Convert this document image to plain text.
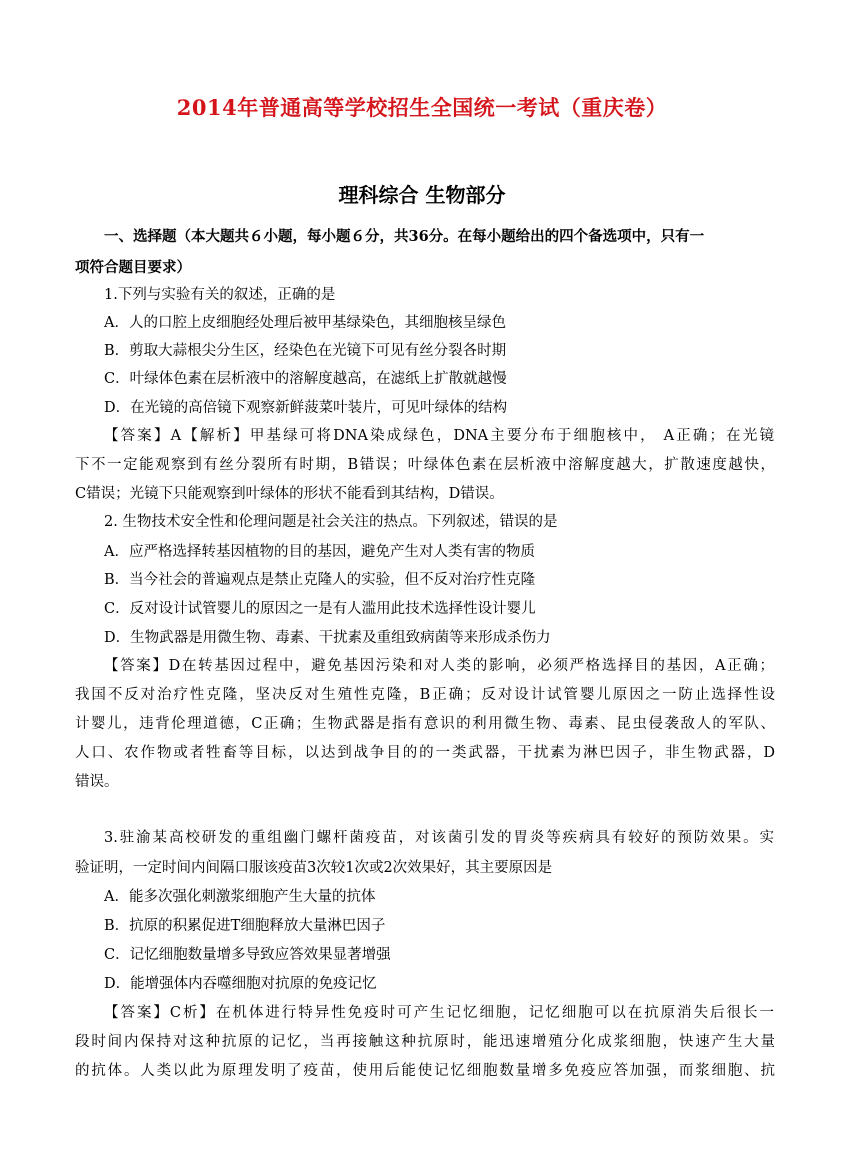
2014年普通高等学校招生全国统一考试（重庆卷）
理科综合 生物部分
一、选择题（本大题共６小题，每小题６分，共36分。在每小题给出的四个备选项中，只有一
项符合题目要求）
1.下列与实验有关的叙述，正确的是
A．人的口腔上皮细胞经处理后被甲基绿染色，其细胞核呈绿色
B．剪取大蒜根尖分生区，经染色在光镜下可见有丝分裂各时期
C．叶绿体色素在层析液中的溶解度越高，在滤纸上扩散就越慢
D．在光镜的高倍镜下观察新鲜菠菜叶装片，可见叶绿体的结构
【答案】A【解析】甲基绿可将DNA染成绿色，DNA主要分布于细胞核中， A正确；在光镜
下不一定能观察到有丝分裂所有时期，B错误；叶绿体色素在层析液中溶解度越大，扩散速度越快，
C错误；光镜下只能观察到叶绿体的形状不能看到其结构，D错误。
2. 生物技术安全性和伦理问题是社会关注的热点。下列叙述，错误的是
A．应严格选择转基因植物的目的基因，避免产生对人类有害的物质
B．当今社会的普遍观点是禁止克隆人的实验，但不反对治疗性克隆
C．反对设计试管婴儿的原因之一是有人滥用此技术选择性设计婴儿
D．生物武器是用微生物、毒素、干扰素及重组致病菌等来形成杀伤力
【答案】D在转基因过程中，避免基因污染和对人类的影响，必须严格选择目的基因，A正确；
我国不反对治疗性克隆，坚决反对生殖性克隆，B正确；反对设计试管婴儿原因之一防止选择性设
计婴儿，违背伦理道德，C正确；生物武器是指有意识的利用微生物、毒素、昆虫侵袭敌人的军队、
人口、农作物或者牲畜等目标，以达到战争目的的一类武器，干扰素为淋巴因子，非生物武器，D
错误。
3.驻渝某高校研发的重组幽门螺杆菌疫苗，对该菌引发的胃炎等疾病具有较好的预防效果。实
验证明，一定时间内间隔口服该疫苗3次较1次或2次效果好，其主要原因是
A．能多次强化刺激浆细胞产生大量的抗体
B．抗原的积累促进T细胞释放大量淋巴因子
C．记忆细胞数量增多导致应答效果显著增强
D．能增强体内吞噬细胞对抗原的免疫记忆
【答案】C析】在机体进行特异性免疫时可产生记忆细胞，记忆细胞可以在抗原消失后很长一
段时间内保持对这种抗原的记忆，当再接触这种抗原时，能迅速增殖分化成浆细胞，快速产生大量
的抗体。人类以此为原理发明了疫苗，使用后能使记忆细胞数量增多免疫应答加强，而浆细胞、抗
